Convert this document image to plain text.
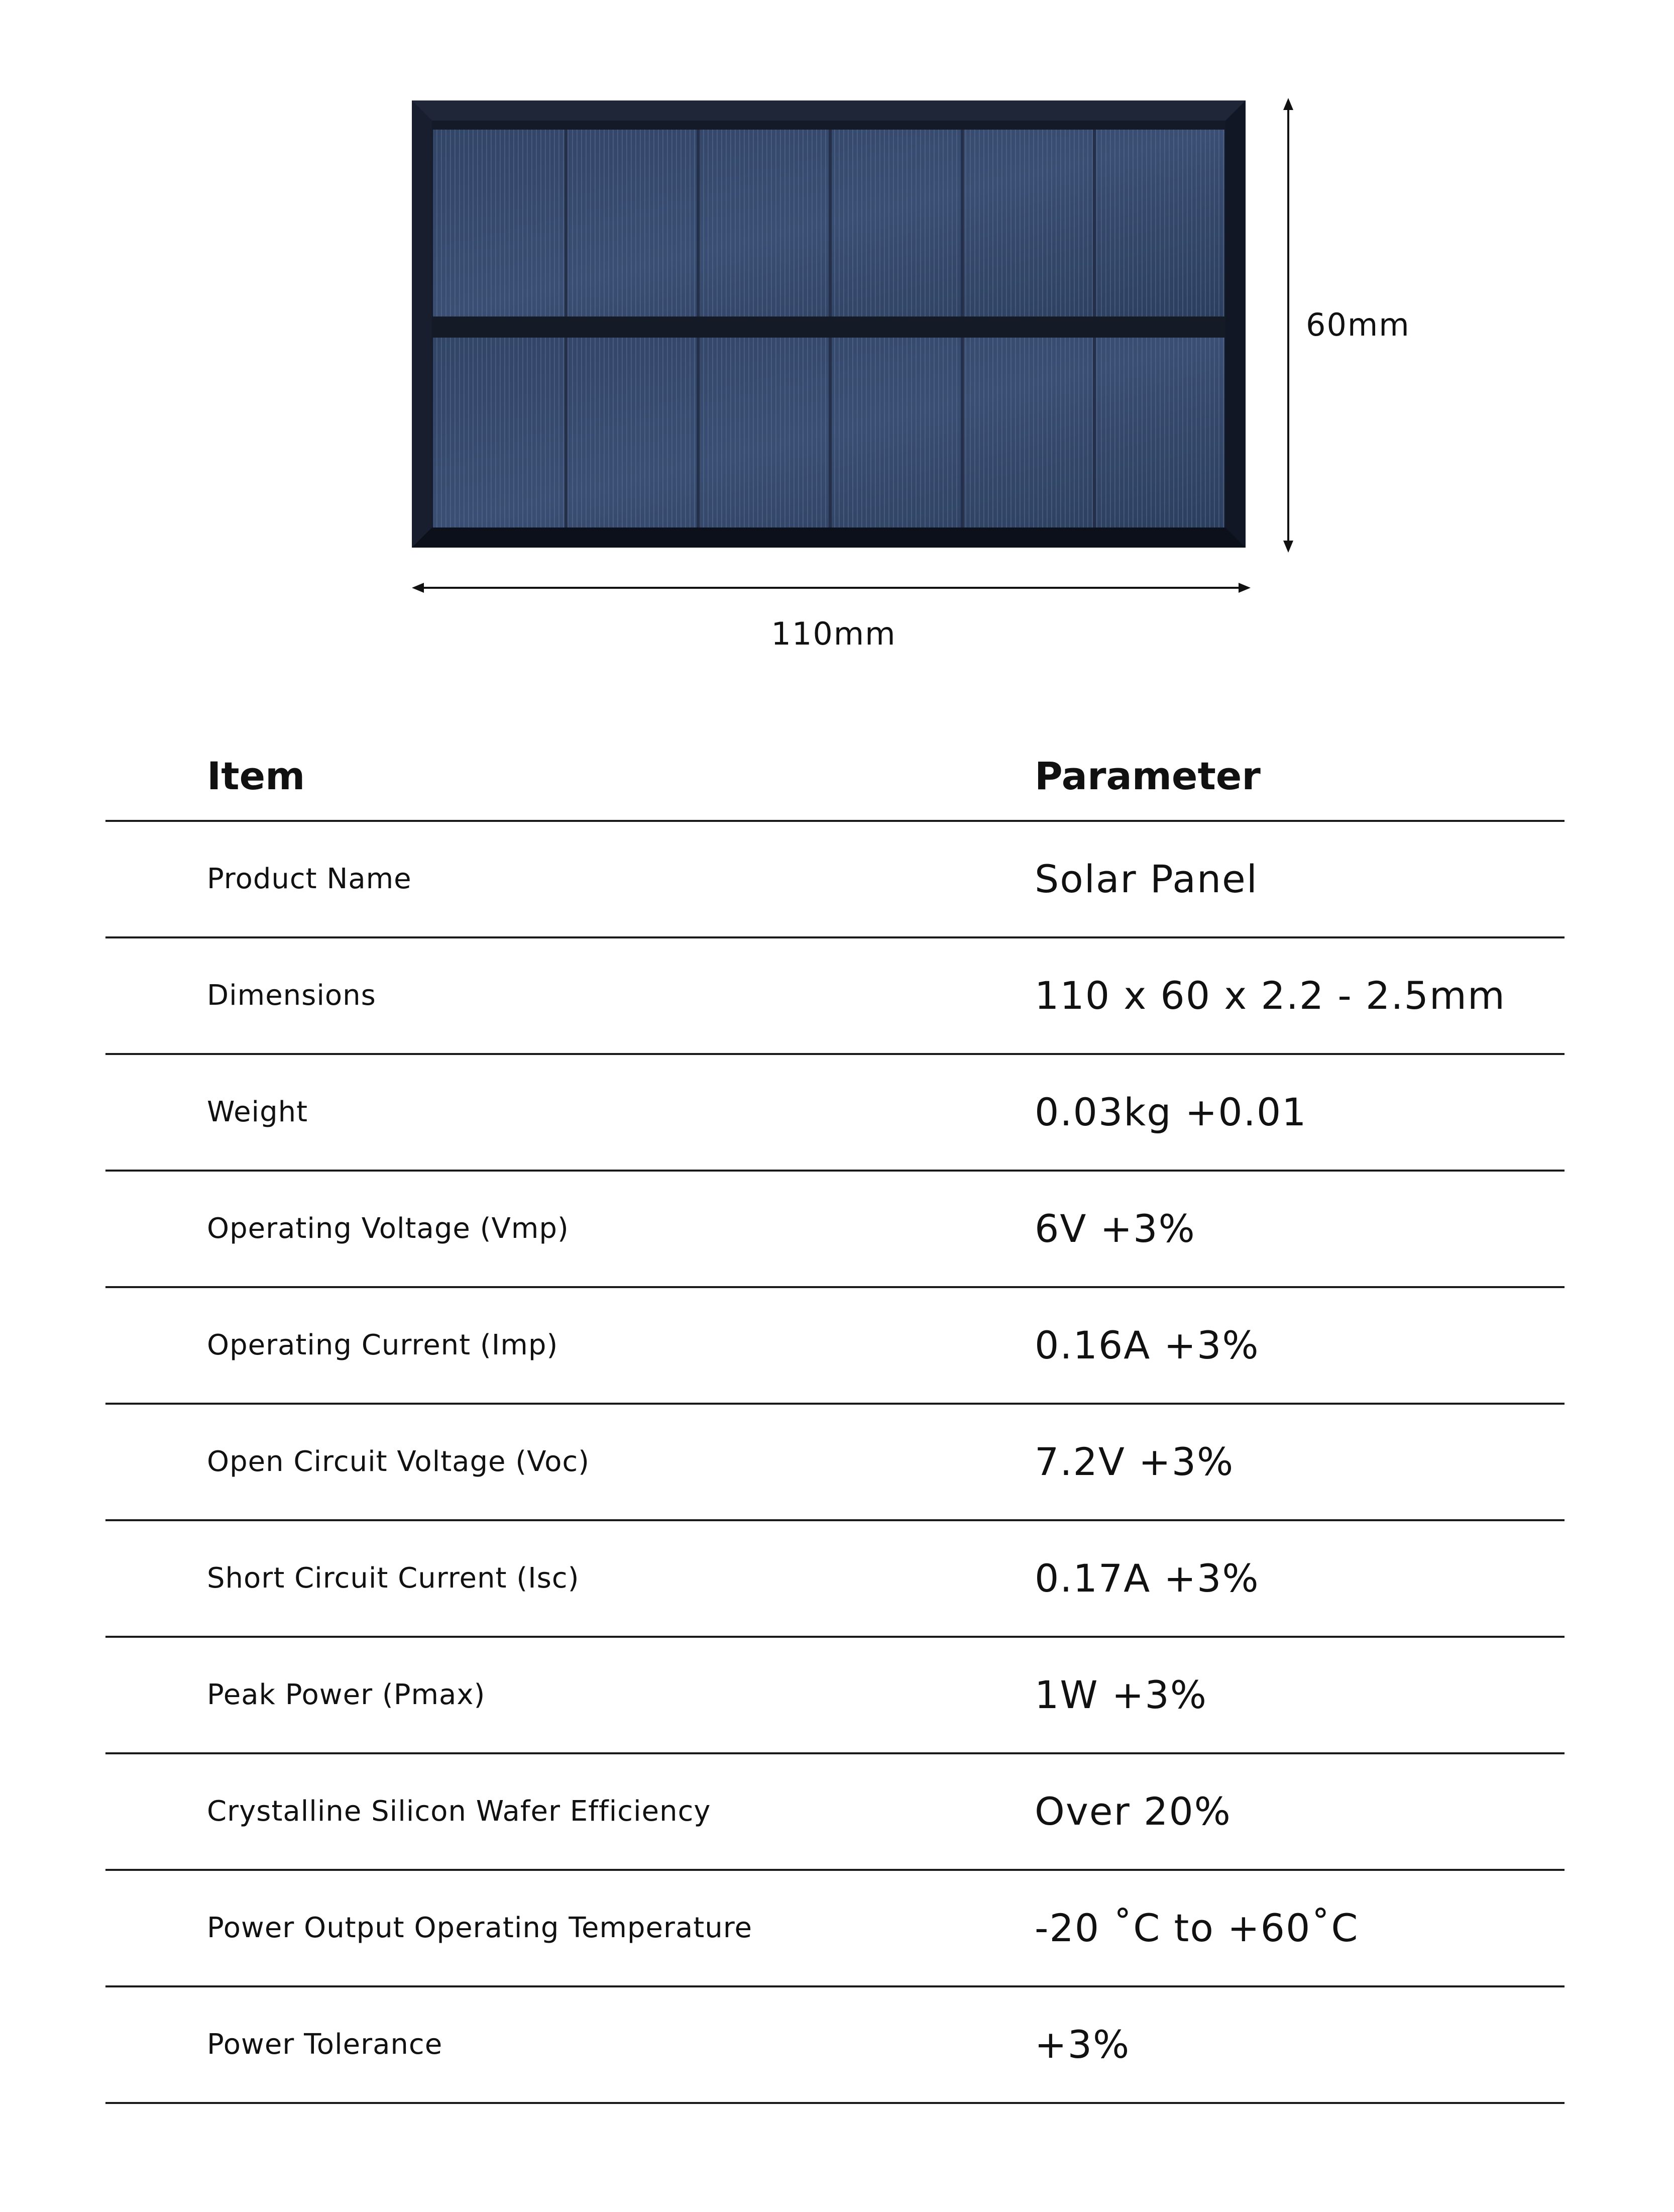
110mm
60mm
Item	Parameter
Product Name	Solar Panel
Dimensions	110 x 60 x 2.2 - 2.5mm
Weight	0.03kg +0.01
Operating Voltage (Vmp)	6V +3%
Operating Current (Imp)	0.16A +3%
Open Circuit Voltage (Voc)	7.2V +3%
Short Circuit Current (Isc)	0.17A +3%
Peak Power (Pmax)	1W +3%
Crystalline Silicon Wafer Efficiency	Over 20%
Power Output Operating Temperature	-20 ˚C to +60˚C
Power Tolerance	+3%
